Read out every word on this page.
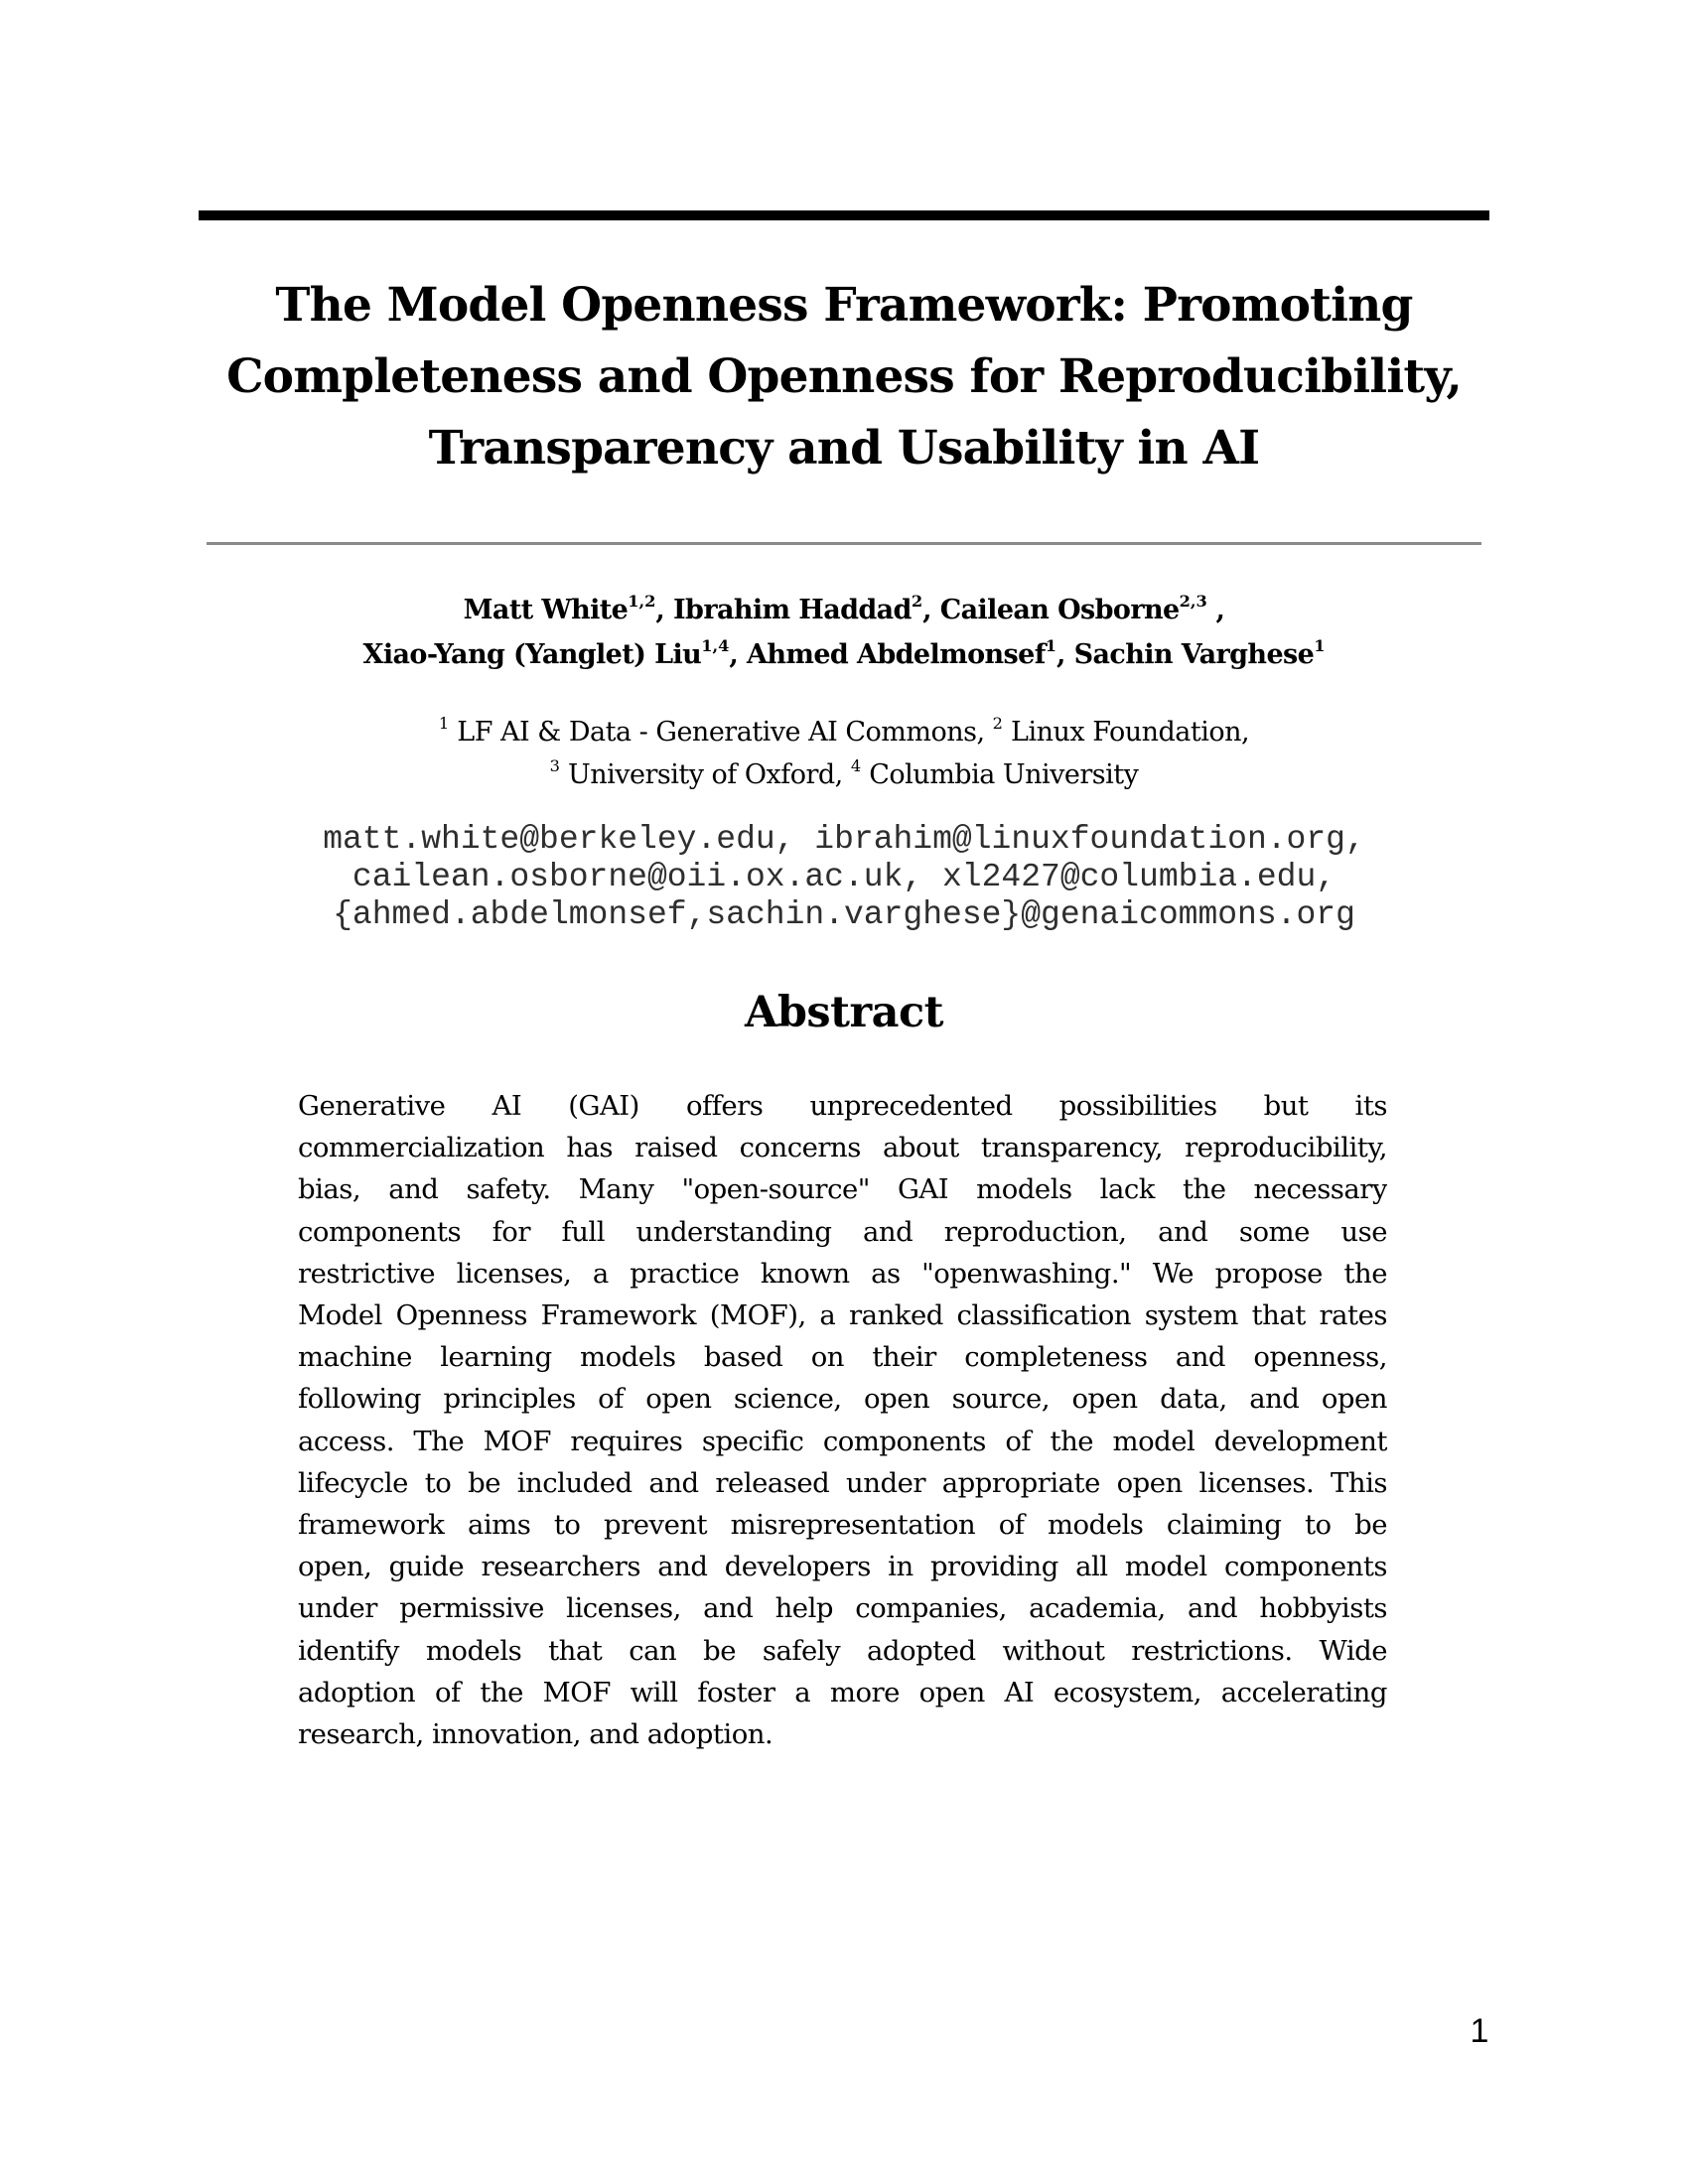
The Model Openness Framework: Promoting
Completeness and Openness for Reproducibility,
Transparency and Usability in AI
Matt White$^{1,2}$, Ibrahim Haddad$^2$, Cailean Osborne$^{2,3}$ ,
Xiao-Yang (Yanglet) Liu$^{1,4}$, Ahmed Abdelmonsef$^1$, Sachin Varghese$^1$
$^1$ LF AI & Data - Generative AI Commons, $^2$ Linux Foundation,
$^3$ University of Oxford, $^4$ Columbia University
matt.white@berkeley.edu, ibrahim@linuxfoundation.org,
cailean.osborne@oii.ox.ac.uk, xl2427@columbia.edu,
{ahmed.abdelmonsef,sachin.varghese}@genaicommons.org
Abstract
Generative AI (GAI) offers unprecedented possibilities but its
commercialization has raised concerns about transparency, reproducibility,
bias, and safety. Many "open-source" GAI models lack the necessary
components for full understanding and reproduction, and some use
restrictive licenses, a practice known as "openwashing." We propose the
Model Openness Framework (MOF), a ranked classification system that rates
machine learning models based on their completeness and openness,
following principles of open science, open source, open data, and open
access. The MOF requires specific components of the model development
lifecycle to be included and released under appropriate open licenses. This
framework aims to prevent misrepresentation of models claiming to be
open, guide researchers and developers in providing all model components
under permissive licenses, and help companies, academia, and hobbyists
identify models that can be safely adopted without restrictions. Wide
adoption of the MOF will foster a more open AI ecosystem, accelerating
research, innovation, and adoption.
1
